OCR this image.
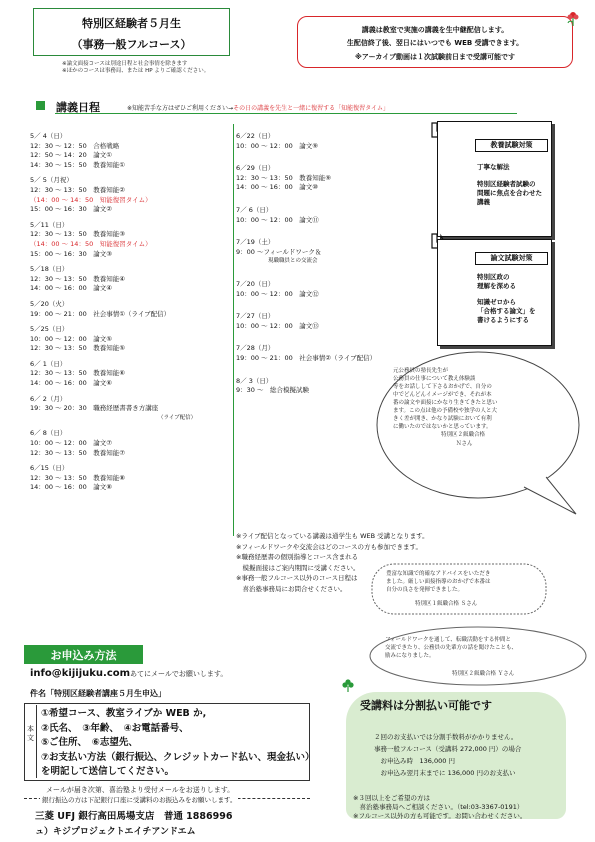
特別区経験者５月生
（事務一般フルコース）
※論文面接コースは別途日程と社会事情を除きます
※ほかのコースは事務局、または HP よりご確認ください。
講義は教室で実施の講義を生中継配信します。
生配信終了後、翌日にはいつでも WEB 受講できます。
※アーカイブ動画は１次試験前日まで受講可能です
講義日程	※知能苦手な方はぜひご利用ください→その日の講義を先生と一緒に復習する「知能復習タイム」
5／ 4（日）
12：30 ～ 12：50　合格戦略
12：50 ～ 14：20　論文①
14：30 ～ 15：50　教養知能①
5／ 5（月祝）
12：30 ～ 13：50　教養知能②
（14：00 ～ 14：50　知能復習タイム）
15：00 ～ 16：30　論文②
5／11（日）
12：30 ～ 13：50　教養知能③
（14：00 ～ 14：50　知能復習タイム）
15：00 ～ 16：30　論文③
5／18（日）
12：30 ～ 13：50　教養知能④
14：00 ～ 16：00　論文④
5／20（火）
19：00 ～ 21：00　社会事情①（ライブ配信）
5／25（日）
10：00 ～ 12：00　論文⑤
12：30 ～ 13：50　教養知能⑤
6／ 1（日）
12：30 ～ 13：50　教養知能⑥
14：00 ～ 16：00　論文⑥
6／ 2（月）
19：30 ～ 20：30　職務経歴書書き方講座
（ライブ配信）
6／ 8（日）
10：00 ～ 12：00　論文⑦
12：30 ～ 13：50　教養知能⑦
6／15（日）
12：30 ～ 13：50　教養知能⑧
14：00 ～ 16：00　論文⑧
6／22（日）
10：00 ～ 12：00　論文⑨
6／29（日）
12：30 ～ 13：50　教養知能⑨
14：00 ～ 16：00　論文⑩
7／ 6（日）
10：00 ～ 12：00　論文⑪
7／19（土）
9：00 ～フィールドワーク＆
現職職員との交流会
7／20（日）
10：00 ～ 12：00　論文⑫
7／27（日）
10：00 ～ 12：00　論文⑬
7／28（月）
19：00 ～ 21：00　社会事情②（ライブ配信）
8／ 3（日）
9：30 ～　総合模擬試験
教養試験対策
丁寧な解法
特別区経験者試験の
問題に焦点を合わせた
講義
論文試験対策
特別区政の
理解を深める
知識ゼロから
「合格する論文」を
書けるようにする
元公務員の塾長先生が
公務員の仕事について教え体験談
等をお話しして下さるおかげで、自分の
中でどんどんイメージができ、それが本
番の論文や面接にかなり生きてきたと思い
ます。この点は他の予備校や独学の人と大
きく差が開き、かなり試験において有利
に働いたのではないかと思っています。
特別区２級職合格
Ｎさん
豊富な知識で的確なアドバイスをいただき
ました。厳しい面接指導のおかげで本番は
自分の良さを発揮できました。
特別区１級職合格 Ｓさん
フィールドワークを通して、転職活動をする仲間と
交流できたり、公務員の先輩方の話を聞けたことも、
励みになりました。
特別区２級職合格 Ｙさん
※ライブ配信となっている講義は通学生も WEB 受講となります。
※フィールドワークや交流会はどのコースの方も参加できます。
※職務経歴書の個別指導とコース含まれる
　模擬面接はご案内期間に受講ください。
※事務一般フルコース以外のコース日程は
　喜治塾事務局にお問合せください。
お申込み方法
info@kijijuku.comあてにメールでお願いします。
件名「特別区経験者講座５月生申込」
本
文
①希望コース、教室ライブか WEB か,
②氏名、　③年齢、　④お電話番号、
⑤ご住所、　⑥志望先、
⑦お支払い方法（銀行振込、クレジットカード払い、現金払い）
を明記して送信してください。
メールが届き次第、喜治塾より受付メールをお送りします。
銀行振込の方は下記銀行口座に受講料のお振込みをお願いします。
三菱 UFJ 銀行高田馬場支店　普通 1886996
ュ）キジプロジェクトエイチアンドエム
受講料は分割払い可能です
２回のお支払いでは分割手数料がかかりません。
事務一般フルコース（受講料 272,000 円）の場合
　お申込み時　136,000 円
　お申込み翌月末までに 136,000 円のお支払い
※３回以上をご希望の方は
　喜治塾事務局へご相談ください。（tel:03-3367-0191）
※フルコース以外の方も可能です。お問い合わせください。
